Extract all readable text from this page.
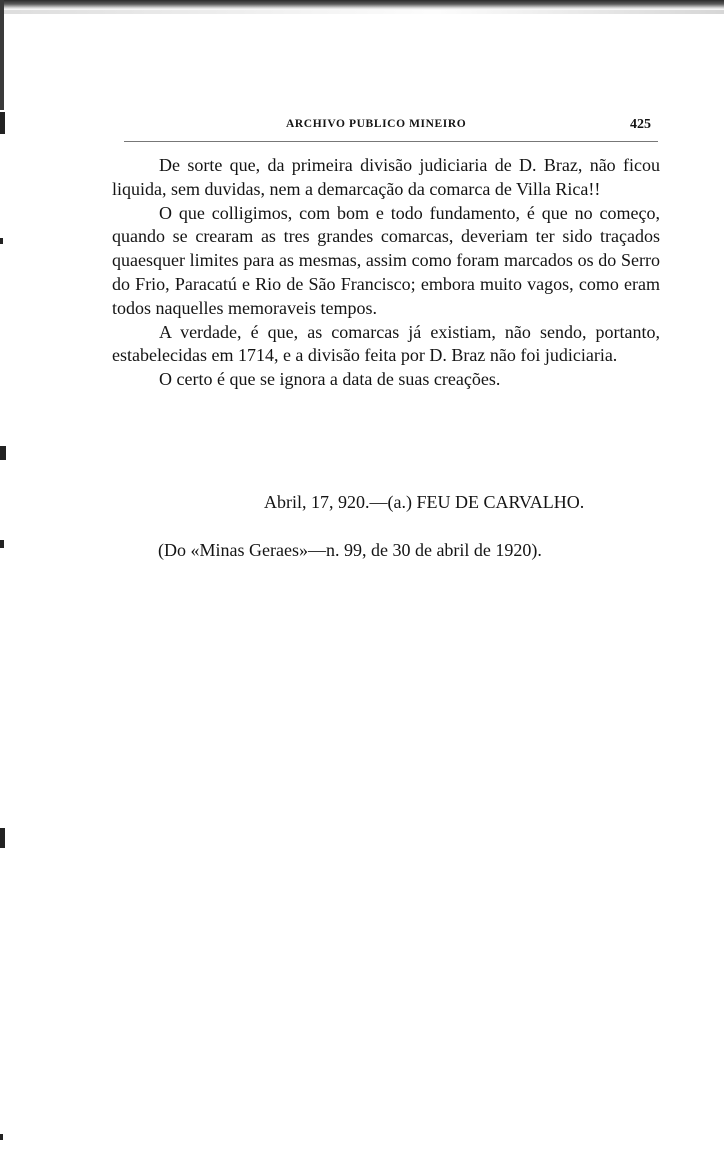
ARCHIVO PUBLICO MINEIRO	425

De sorte que, da primeira divisão judiciaria de D. Braz, não ficou liquida, sem duvidas, nem a demarcação da comarca de Villa Rica!!

O que colligimos, com bom e todo fundamento, é que no começo, quando se crearam as tres grandes comarcas, deveriam ter sido traçados quaesquer limites para as mesmas, assim como foram marcados os do Serro do Frio, Paracatú e Rio de São Francisco; embora muito vagos, como eram todos naquelles memoraveis tempos.

A verdade, é que, as comarcas já existiam, não sendo, portanto, estabelecidas em 1714, e a divisão feita por D. Braz não foi judiciaria.

O certo é que se ignora a data de suas creações.

Abril, 17, 920.—(a.) FEU DE CARVALHO.
(Do «Minas Geraes»—n. 99, de 30 de abril de 1920).
